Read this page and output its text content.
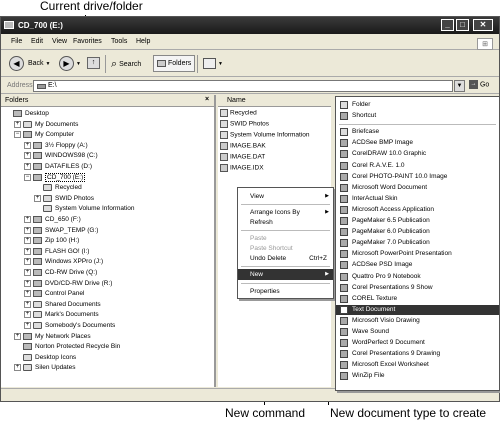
Current drive/folder
New command New document type to create
CD_700 (E:)	_	□	✕
File Edit View Favorites Tools Help	⊞
◀ Back ▼	▶ ▼	↑	⌕ Search	Folders	▼
Address E:\	▼	→ Go
Folders	×
Desktop
+ My Documents
− My Computer
+ 3½ Floppy (A:)
+ WINDOWS98 (C:)
+ DATAFILES (D:)
−	CD_700 (E:)
Recycled
+ SWID Photos
System Volume Information
+ CD_650 (F:)
+ SWAP_TEMP (G:)
+ Zip 100 (H:)
+ FLASH GO! (I:)
+ Windows XPPro (J:)
+ CD-RW Drive (Q:)
+ DVD/CD-RW Drive (R:)
+ Control Panel
+ Shared Documents
+ Mark's Documents
+ Somebody's Documents
+ My Network Places
Norton Protected Recycle Bin
Desktop Icons
+ Silen Updates
Name
Recycled
SWID Photos
System Volume Information
IMAGE.BAK
IMAGE.DAT
IMAGE.IDX
View	▶
Arrange Icons By	▶
Refresh
Paste
Paste Shortcut
Undo Delete	Ctrl+Z
New	▶
Properties
Folder
Shortcut
Briefcase
ACDSee BMP Image
CorelDRAW 10.0 Graphic
Corel R.A.V.E. 1.0
Corel PHOTO-PAINT 10.0 Image
Microsoft Word Document
InterActual Skin
Microsoft Access Application
PageMaker 6.5 Publication
PageMaker 6.0 Publication
PageMaker 7.0 Publication
Microsoft PowerPoint Presentation
ACDSee PSD Image
Quattro Pro 9 Notebook
Corel Presentations 9 Show
COREL Texture
Text Document
Microsoft Visio Drawing
Wave Sound
WordPerfect 9 Document
Corel Presentations 9 Drawing
Microsoft Excel Worksheet
WinZip File
